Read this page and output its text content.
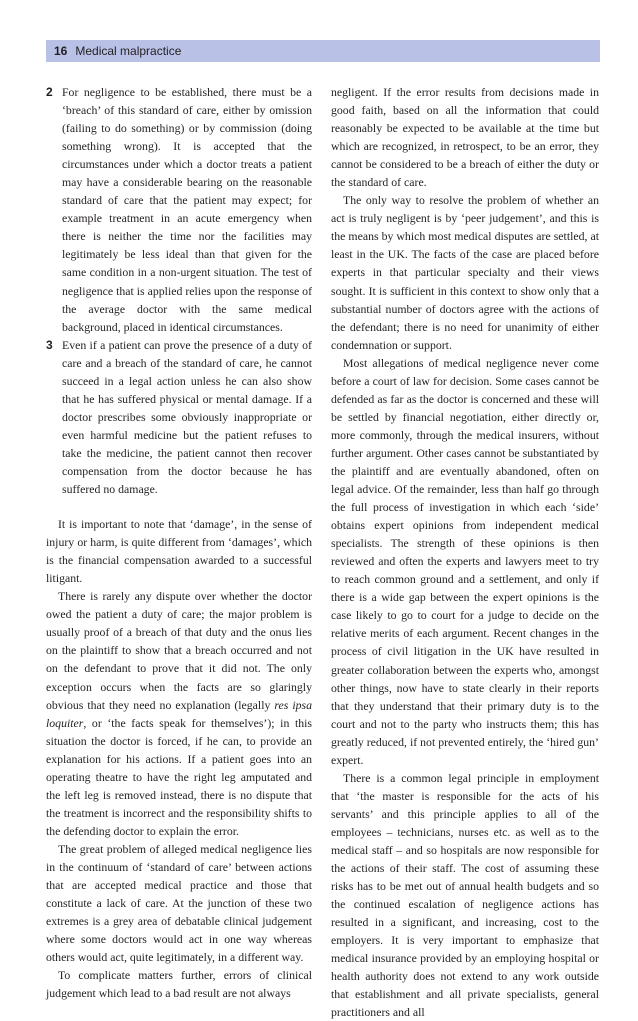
16 Medical malpractice
2 For negligence to be established, there must be a ‘breach’ of this standard of care, either by omission (failing to do something) or by commission (doing something wrong). It is accepted that the circumstances under which a doctor treats a patient may have a considerable bearing on the reasonable standard of care that the patient may expect; for example treatment in an acute emergency when there is neither the time nor the facilities may legitimately be less ideal than that given for the same condition in a non-urgent situation. The test of negligence that is applied relies upon the response of the average doctor with the same medical background, placed in identical circumstances.

3 Even if a patient can prove the presence of a duty of care and a breach of the standard of care, he cannot succeed in a legal action unless he can also show that he has suffered physical or mental damage. If a doctor prescribes some obviously inappropriate or even harmful medicine but the patient refuses to take the medicine, the patient cannot then recover compensation from the doctor because he has suffered no damage.

It is important to note that ‘damage’, in the sense of injury or harm, is quite different from ‘damages’, which is the financial compensation awarded to a successful litigant.

There is rarely any dispute over whether the doctor owed the patient a duty of care; the major problem is usually proof of a breach of that duty and the onus lies on the plaintiff to show that a breach occurred and not on the defendant to prove that it did not. The only exception occurs when the facts are so glaringly obvious that they need no explanation (legally res ipsa loquiter, or ‘the facts speak for themselves’); in this situation the doctor is forced, if he can, to provide an explanation for his actions. If a patient goes into an operating theatre to have the right leg amputated and the left leg is removed instead, there is no dispute that the treatment is incorrect and the responsibility shifts to the defending doctor to explain the error.

The great problem of alleged medical negligence lies in the continuum of ‘standard of care’ between actions that are accepted medical practice and those that constitute a lack of care. At the junction of these two extremes is a grey area of debatable clinical judgement where some doctors would act in one way whereas others would act, quite legitimately, in a different way.

To complicate matters further, errors of clinical judgement which lead to a bad result are not always

negligent. If the error results from decisions made in good faith, based on all the information that could reasonably be expected to be available at the time but which are recognized, in retrospect, to be an error, they cannot be considered to be a breach of either the duty or the standard of care.

The only way to resolve the problem of whether an act is truly negligent is by ‘peer judgement’, and this is the means by which most medical disputes are settled, at least in the UK. The facts of the case are placed before experts in that particular specialty and their views sought. It is sufficient in this context to show only that a substantial number of doctors agree with the actions of the defendant; there is no need for unanimity of either condemnation or support.

Most allegations of medical negligence never come before a court of law for decision. Some cases cannot be defended as far as the doctor is concerned and these will be settled by financial negotiation, either directly or, more commonly, through the medical insurers, without further argument. Other cases cannot be substantiated by the plaintiff and are eventually abandoned, often on legal advice. Of the remainder, less than half go through the full process of investigation in which each ‘side’ obtains expert opinions from independent medical specialists. The strength of these opinions is then reviewed and often the experts and lawyers meet to try to reach common ground and a settlement, and only if there is a wide gap between the expert opinions is the case likely to go to court for a judge to decide on the relative merits of each argument. Recent changes in the process of civil litigation in the UK have resulted in greater collaboration between the experts who, amongst other things, now have to state clearly in their reports that they understand that their primary duty is to the court and not to the party who instructs them; this has greatly reduced, if not prevented entirely, the ‘hired gun’ expert.

There is a common legal principle in employment that ‘the master is responsible for the acts of his servants’ and this principle applies to all of the employees – technicians, nurses etc. as well as to the medical staff – and so hospitals are now responsible for the actions of their staff. The cost of assuming these risks has to be met out of annual health budgets and so the continued escalation of negligence actions has resulted in a significant, and increasing, cost to the employers. It is very important to emphasize that medical insurance provided by an employing hospital or health authority does not extend to any work outside that establishment and all private specialists, general practitioners and all
